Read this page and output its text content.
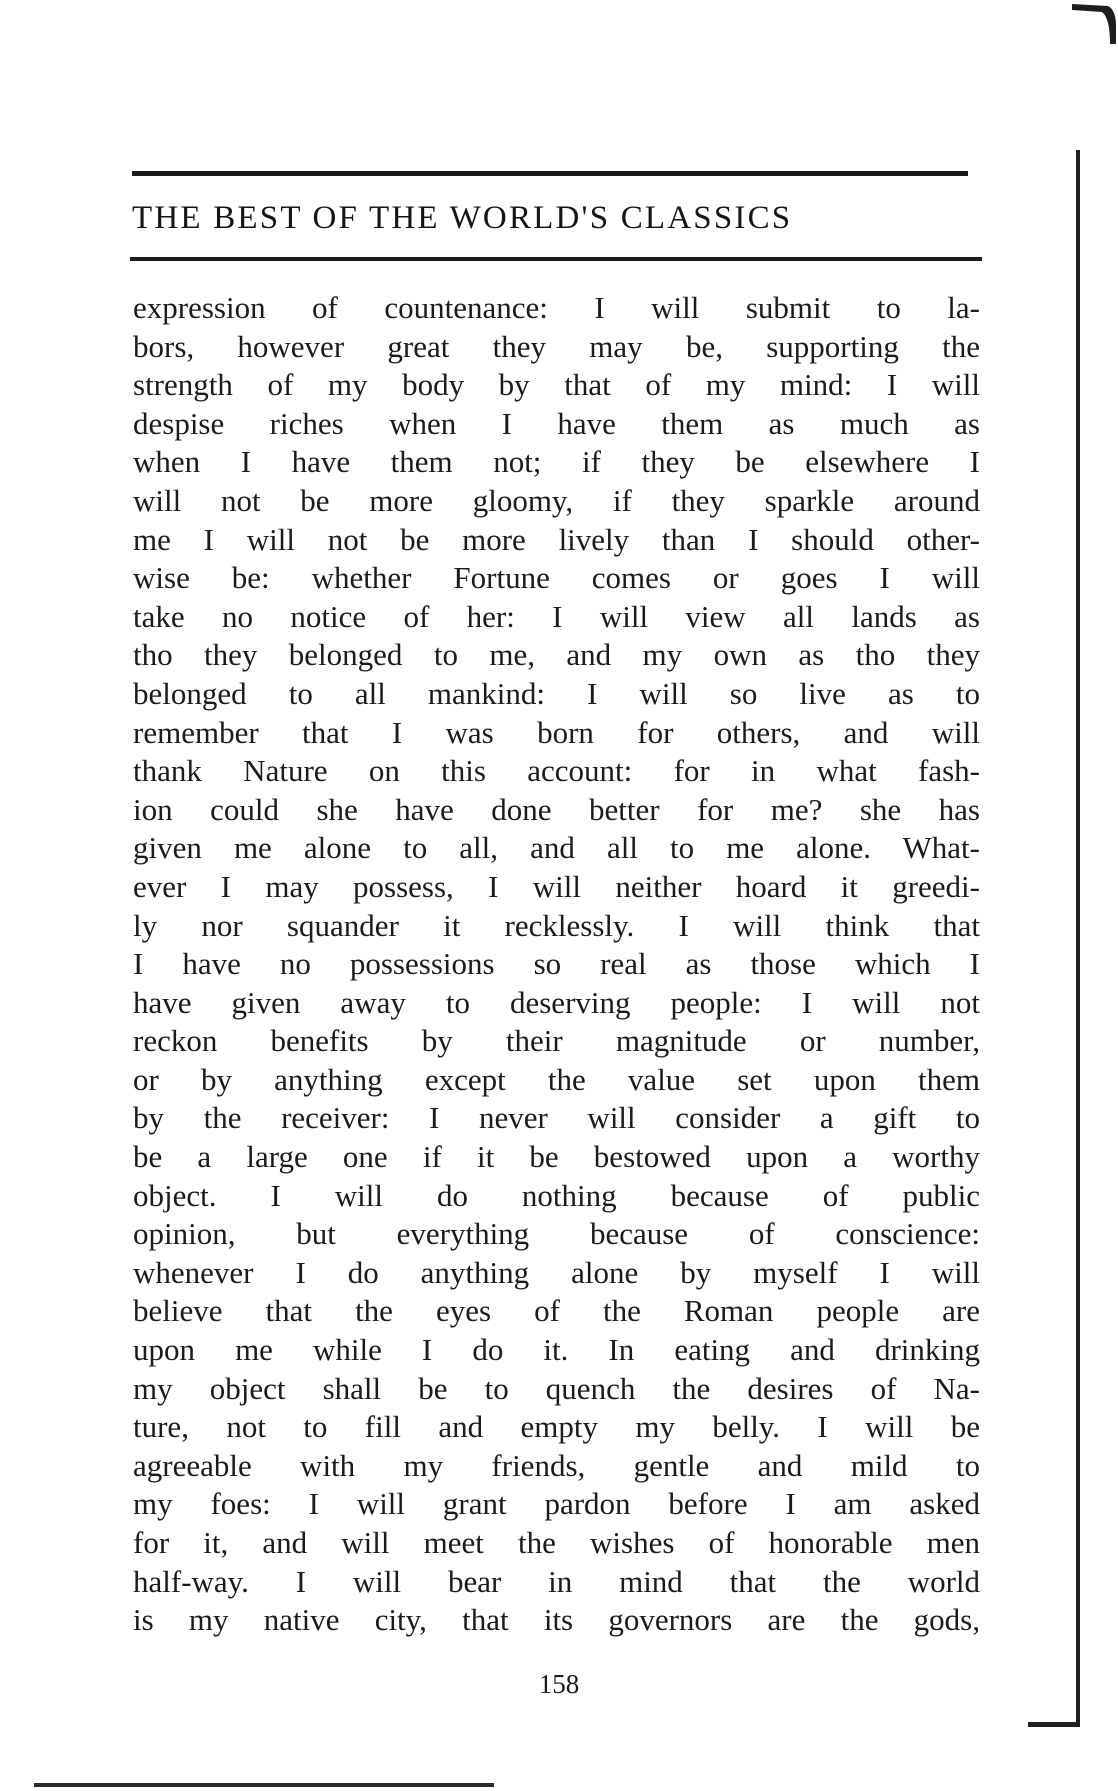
THE BEST OF THE WORLD'S CLASSICS
expression of countenance: I will submit to la-
bors, however great they may be, supporting the
strength of my body by that of my mind: I will
despise riches when I have them as much as
when I have them not; if they be elsewhere I
will not be more gloomy, if they sparkle around
me I will not be more lively than I should other-
wise be: whether Fortune comes or goes I will
take no notice of her: I will view all lands as
tho they belonged to me, and my own as tho they
belonged to all mankind: I will so live as to
remember that I was born for others, and will
thank Nature on this account: for in what fash-
ion could she have done better for me? she has
given me alone to all, and all to me alone. What-
ever I may possess, I will neither hoard it greedi-
ly nor squander it recklessly. I will think that
I have no possessions so real as those which I
have given away to deserving people: I will not
reckon benefits by their magnitude or number,
or by anything except the value set upon them
by the receiver: I never will consider a gift to
be a large one if it be bestowed upon a worthy
object. I will do nothing because of public
opinion, but everything because of conscience:
whenever I do anything alone by myself I will
believe that the eyes of the Roman people are
upon me while I do it. In eating and drinking
my object shall be to quench the desires of Na-
ture, not to fill and empty my belly. I will be
agreeable with my friends, gentle and mild to
my foes: I will grant pardon before I am asked
for it, and will meet the wishes of honorable men
half-way. I will bear in mind that the world
is my native city, that its governors are the gods,
158
